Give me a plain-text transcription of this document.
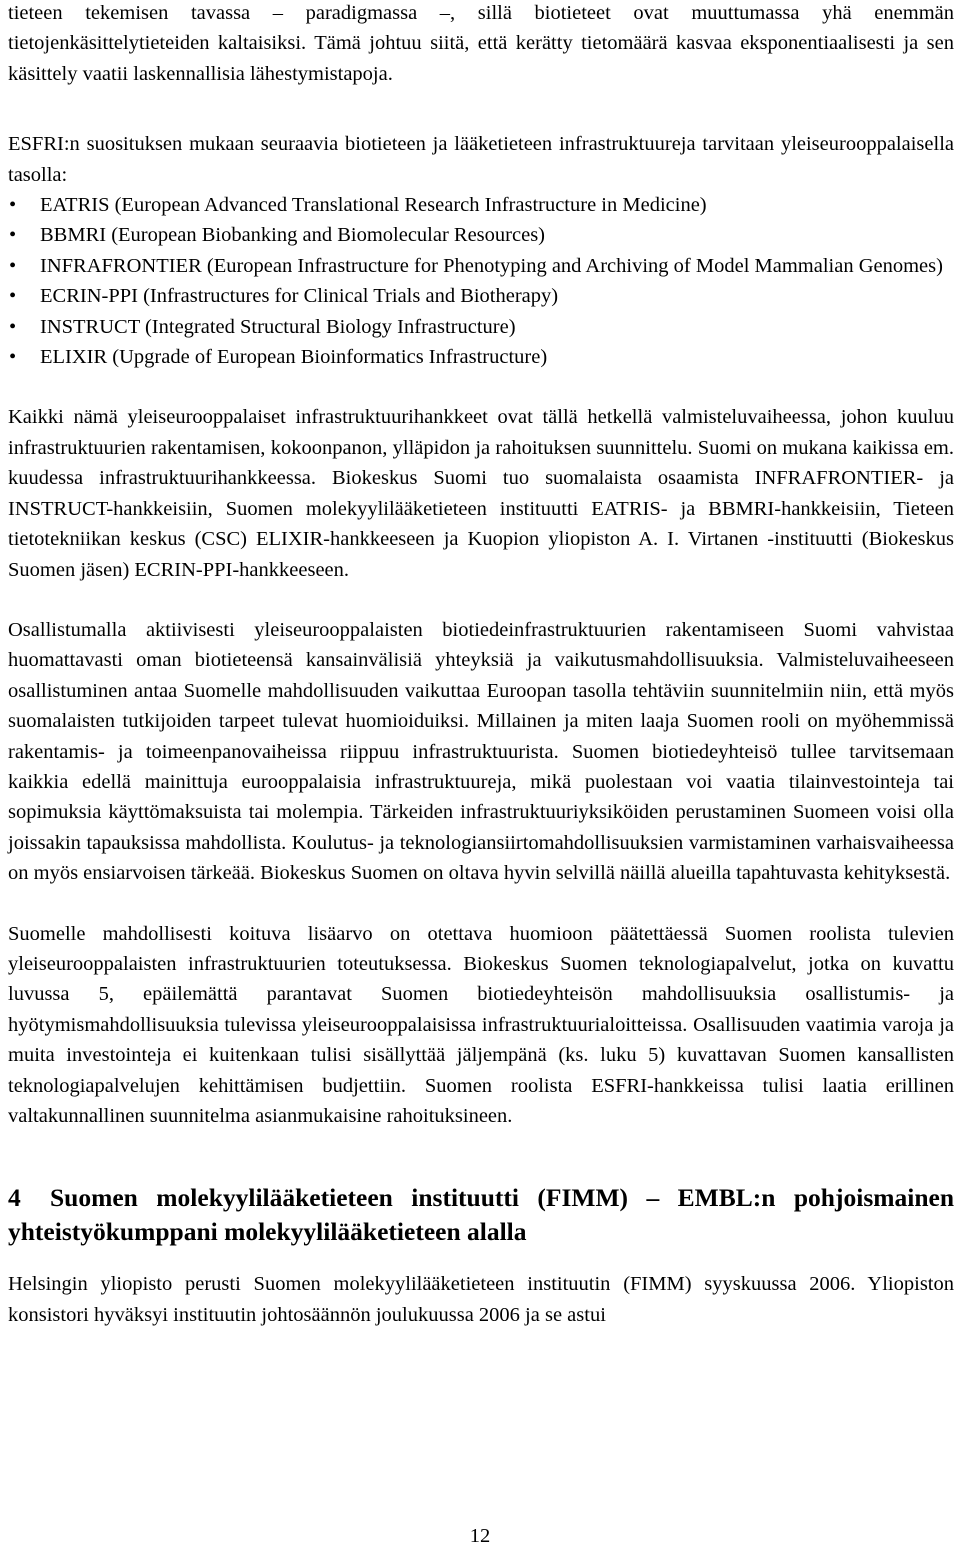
tieteen tekemisen tavassa – paradigmassa –, sillä biotieteet ovat muuttumassa yhä enemmän tietojenkäsittelytieteiden kaltaisiksi. Tämä johtuu siitä, että kerätty tietomäärä kasvaa eksponentiaalisesti ja sen käsittely vaatii laskennallisia lähestymistapoja.

ESFRI:n suosituksen mukaan seuraavia biotieteen ja lääketieteen infrastruktuureja tarvitaan yleiseurooppalaisella tasolla:

• EATRIS (European Advanced Translational Research Infrastructure in Medicine)
• BBMRI (European Biobanking and Biomolecular Resources)
• INFRAFRONTIER (European Infrastructure for Phenotyping and Archiving of Model Mammalian Genomes)
• ECRIN-PPI (Infrastructures for Clinical Trials and Biotherapy)
• INSTRUCT (Integrated Structural Biology Infrastructure)
• ELIXIR (Upgrade of European Bioinformatics Infrastructure)

Kaikki nämä yleiseurooppalaiset infrastruktuurihankkeet ovat tällä hetkellä valmisteluvaiheessa, johon kuuluu infrastruktuurien rakentamisen, kokoonpanon, ylläpidon ja rahoituksen suunnittelu. Suomi on mukana kaikissa em. kuudessa infrastruktuurihankkeessa. Biokeskus Suomi tuo suomalaista osaamista INFRAFRONTIER- ja INSTRUCT-hankkeisiin, Suomen molekyylilääketieteen instituutti EATRIS- ja BBMRI-hankkeisiin, Tieteen tietotekniikan keskus (CSC) ELIXIR-hankkeeseen ja Kuopion yliopiston A. I. Virtanen -instituutti (Biokeskus Suomen jäsen) ECRIN-PPI-hankkeeseen.

Osallistumalla aktiivisesti yleiseurooppalaisten biotiedeinfrastruktuurien rakentamiseen Suomi vahvistaa huomattavasti oman biotieteensä kansainvälisiä yhteyksiä ja vaikutusmahdollisuuksia. Valmisteluvaiheeseen osallistuminen antaa Suomelle mahdollisuuden vaikuttaa Euroopan tasolla tehtäviin suunnitelmiin niin, että myös suomalaisten tutkijoiden tarpeet tulevat huomioiduiksi. Millainen ja miten laaja Suomen rooli on myöhemmissä rakentamis- ja toimeenpanovaiheissa riippuu infrastruktuurista. Suomen biotiedeyhteisö tullee tarvitsemaan kaikkia edellä mainittuja eurooppalaisia infrastruktuureja, mikä puolestaan voi vaatia tilainvestointeja tai sopimuksia käyttömaksuista tai molempia. Tärkeiden infrastruktuuriyksiköiden perustaminen Suomeen voisi olla joissakin tapauksissa mahdollista. Koulutus- ja teknologiansiirtomahdollisuuksien varmistaminen varhaisvaiheessa on myös ensiarvoisen tärkeää. Biokeskus Suomen on oltava hyvin selvillä näillä alueilla tapahtuvasta kehityksestä.

Suomelle mahdollisesti koituva lisäarvo on otettava huomioon päätettäessä Suomen roolista tulevien yleiseurooppalaisten infrastruktuurien toteutuksessa. Biokeskus Suomen teknologiapalvelut, jotka on kuvattu luvussa 5, epäilemättä parantavat Suomen biotiedeyhteisön mahdollisuuksia osallistumis- ja hyötymismahdollisuuksia tulevissa yleiseurooppalaisissa infrastruktuurialoitteissa. Osallisuuden vaatimia varoja ja muita investointeja ei kuitenkaan tulisi sisällyttää jäljempänä (ks. luku 5) kuvattavan Suomen kansallisten teknologiapalvelujen kehittämisen budjettiin. Suomen roolista ESFRI-hankkeissa tulisi laatia erillinen valtakunnallinen suunnitelma asianmukaisine rahoituksineen.

4 Suomen molekyylilääketieteen instituutti (FIMM) – EMBL:n pohjoismainen yhteistyökumppani molekyylilääketieteen alalla

Helsingin yliopisto perusti Suomen molekyylilääketieteen instituutin (FIMM) syyskuussa 2006. Yliopiston konsistori hyväksyi instituutin johtosäännön joulukuussa 2006 ja se astui

12
